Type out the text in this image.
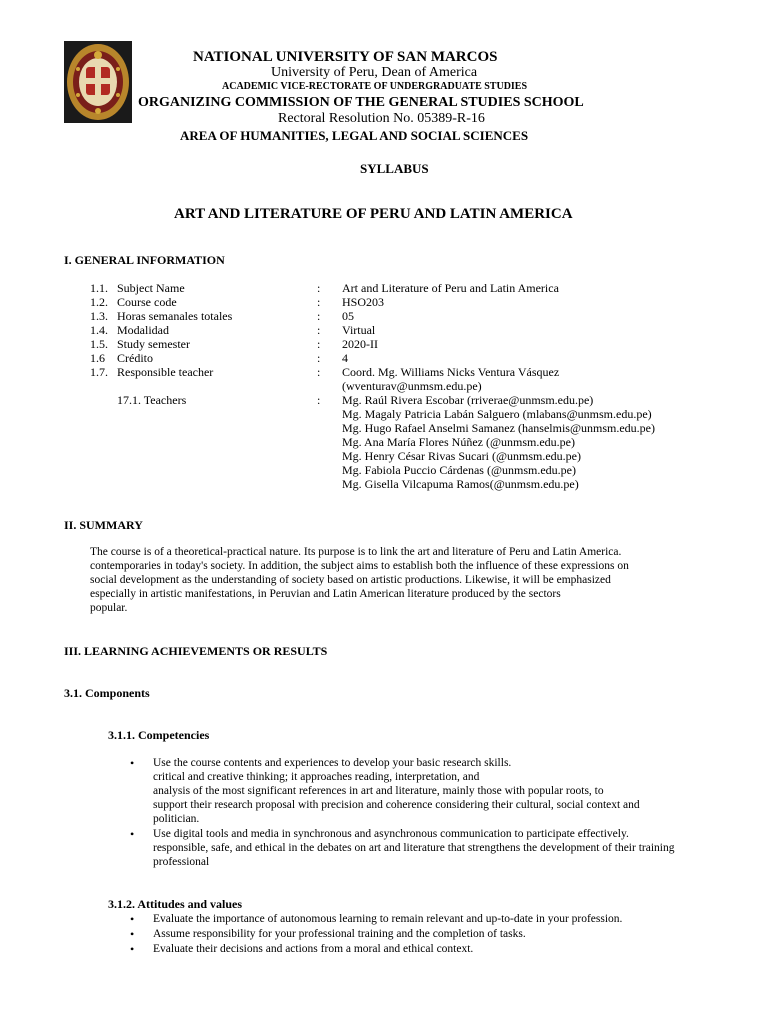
NATIONAL UNIVERSITY OF SAN MARCOS
University of Peru, Dean of America
ACADEMIC VICE-RECTORATE OF UNDERGRADUATE STUDIES
ORGANIZING COMMISSION OF THE GENERAL STUDIES SCHOOL
Rectoral Resolution No. 05389-R-16
AREA OF HUMANITIES, LEGAL AND SOCIAL SCIENCES
SYLLABUS
ART AND LITERATURE OF PERU AND LATIN AMERICA
I. GENERAL INFORMATION
1.1. Subject Name	: Art and Literature of Peru and Latin America
1.2. Course code	: HSO203
1.3. Horas semanales totales	: 05
1.4. Modalidad	: Virtual
1.5. Study semester	: 2020-II
1.6 Crédito	: 4
1.7. Responsible teacher	: Coord. Mg. Williams Nicks Ventura Vásquez
(wventurav@unmsm.edu.pe)
17.1. Teachers	: Mg. Raúl Rivera Escobar (rriverae@unmsm.edu.pe)
Mg. Magaly Patricia Labán Salguero (mlabans@unmsm.edu.pe)
Mg. Hugo Rafael Anselmi Samanez (hanselmis@unmsm.edu.pe)
Mg. Ana María Flores Núñez (@unmsm.edu.pe)
Mg. Henry César Rivas Sucari (@unmsm.edu.pe)
Mg. Fabiola Puccio Cárdenas (@unmsm.edu.pe)
Mg. Gisella Vilcapuma Ramos(@unmsm.edu.pe)
II. SUMMARY
The course is of a theoretical-practical nature. Its purpose is to link the art and literature of Peru and Latin America.
contemporaries in today's society. In addition, the subject aims to establish both the influence of these expressions on
social development as the understanding of society based on artistic productions. Likewise, it will be emphasized
especially in artistic manifestations, in Peruvian and Latin American literature produced by the sectors
popular.
III. LEARNING ACHIEVEMENTS OR RESULTS
3.1. Components
3.1.1. Competencies
• Use the course contents and experiences to develop your basic research skills.
critical and creative thinking; it approaches reading, interpretation, and
analysis of the most significant references in art and literature, mainly those with popular roots, to
support their research proposal with precision and coherence considering their cultural, social context and
politician.
• Use digital tools and media in synchronous and asynchronous communication to participate effectively.
responsible, safe, and ethical in the debates on art and literature that strengthens the development of their training
professional
3.1.2. Attitudes and values
• Evaluate the importance of autonomous learning to remain relevant and up-to-date in your profession.
• Assume responsibility for your professional training and the completion of tasks.
• Evaluate their decisions and actions from a moral and ethical context.
